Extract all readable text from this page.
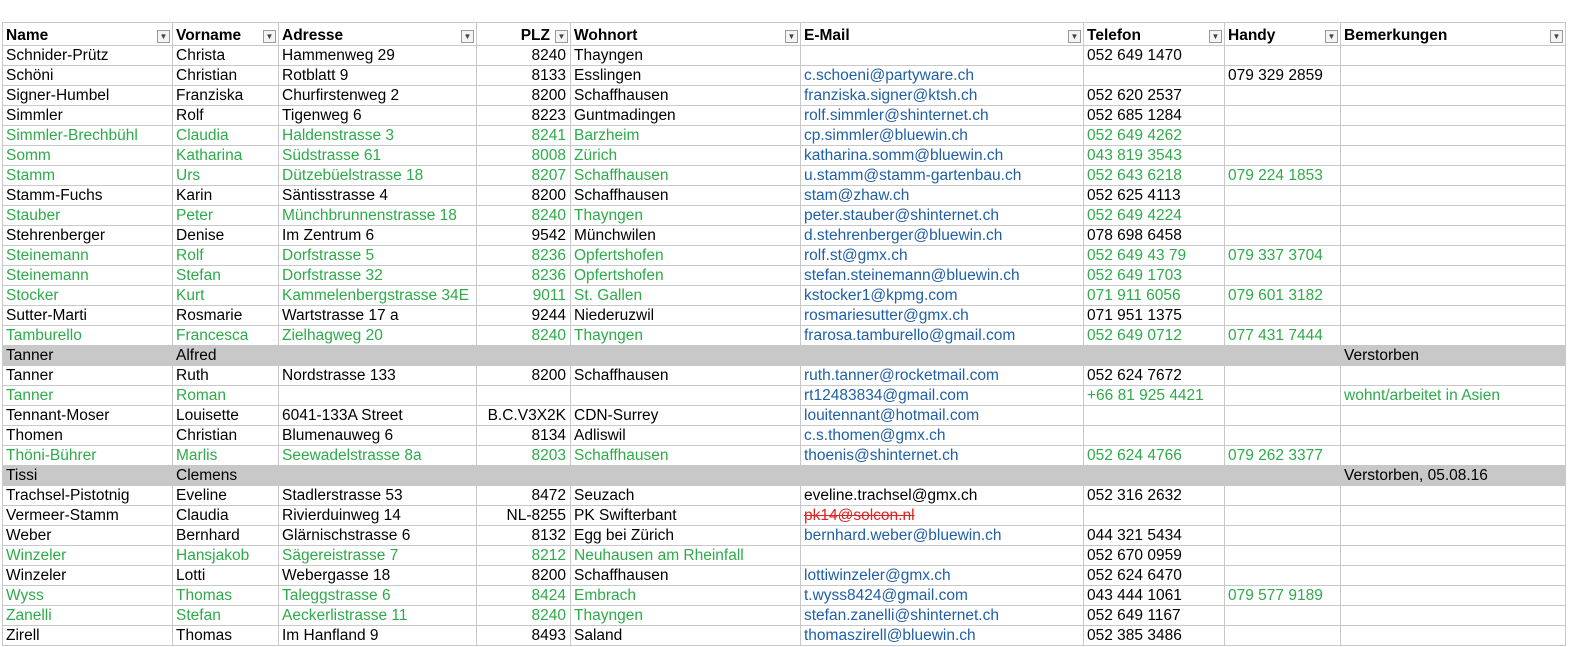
Name ▼	Vorname ▼	Adresse ▼	PLZ ▼	Wohnort ▼	E-Mail ▼	Telefon ▼	Handy ▼	Bemerkungen ▼

Schnider-Prütz	Christa	Hammenweg 29	8240	Thayngen		052 649 1470		
Schöni	Christian	Rotblatt 9	8133	Esslingen	c.schoeni@partyware.ch		079 329 2859	
Signer-Humbel	Franziska	Churfirstenweg 2	8200	Schaffhausen	franziska.signer@ktsh.ch	052 620 2537		
Simmler	Rolf	Tigenweg 6	8223	Guntmadingen	rolf.simmler@shinternet.ch	052 685 1284		
Simmler-Brechbühl	Claudia	Haldenstrasse 3	8241	Barzheim	cp.simmler@bluewin.ch	052 649 4262		
Somm	Katharina	Südstrasse 61	8008	Zürich	katharina.somm@bluewin.ch	043 819 3543		
Stamm	Urs	Dützebüelstrasse 18	8207	Schaffhausen	u.stamm@stamm-gartenbau.ch	052 643 6218	079 224 1853	
Stamm-Fuchs	Karin	Säntisstrasse 4	8200	Schaffhausen	stam@zhaw.ch	052 625 4113		
Stauber	Peter	Münchbrunnenstrasse 18	8240	Thayngen	peter.stauber@shinternet.ch	052 649 4224		
Stehrenberger	Denise	Im Zentrum 6	9542	Münchwilen	d.stehrenberger@bluewin.ch	078 698 6458		
Steinemann	Rolf	Dorfstrasse 5	8236	Opfertshofen	rolf.st@gmx.ch	052 649 43 79	079 337 3704	
Steinemann	Stefan	Dorfstrasse 32	8236	Opfertshofen	stefan.steinemann@bluewin.ch	052 649 1703		
Stocker	Kurt	Kammelenbergstrasse 34E	9011	St. Gallen	kstocker1@kpmg.com	071 911 6056	079 601 3182	
Sutter-Marti	Rosmarie	Wartstrasse 17 a	9244	Niederuzwil	rosmariesutter@gmx.ch	071 951 1375		
Tamburello	Francesca	Zielhagweg 20	8240	Thayngen	frarosa.tamburello@gmail.com	052 649 0712	077 431 7444	
Tanner	Alfred							Verstorben
Tanner	Ruth	Nordstrasse 133	8200	Schaffhausen	ruth.tanner@rocketmail.com	052 624 7672		
Tanner	Roman				rt12483834@gmail.com	+66 81 925 4421		wohnt/arbeitet in Asien
Tennant-Moser	Louisette	6041-133A Street	B.C.V3X2K	CDN-Surrey	louitennant@hotmail.com			
Thomen	Christian	Blumenauweg 6	8134	Adliswil	c.s.thomen@gmx.ch			
Thöni-Bührer	Marlis	Seewadelstrasse 8a	8203	Schaffhausen	thoenis@shinternet.ch	052 624 4766	079 262 3377	
Tissi	Clemens							Verstorben, 05.08.16
Trachsel-Pistotnig	Eveline	Stadlerstrasse 53	8472	Seuzach	eveline.trachsel@gmx.ch	052 316 2632		
Vermeer-Stamm	Claudia	Rivierduinweg 14	NL-8255	PK Swifterbant	pk14@solcon.nl			
Weber	Bernhard	Glärnischstrasse 6	8132	Egg bei Zürich	bernhard.weber@bluewin.ch	044 321 5434		
Winzeler	Hansjakob	Sägereistrasse 7	8212	Neuhausen am Rheinfall		052 670 0959		
Winzeler	Lotti	Webergasse 18	8200	Schaffhausen	lottiwinzeler@gmx.ch	052 624 6470		
Wyss	Thomas	Taleggstrasse 6	8424	Embrach	t.wyss8424@gmail.com	043 444 1061	079 577 9189	
Zanelli	Stefan	Aeckerlistrasse 11	8240	Thayngen	stefan.zanelli@shinternet.ch	052 649 1167		
Zirell	Thomas	Im Hanfland 9	8493	Saland	thomaszirell@bluewin.ch	052 385 3486		
